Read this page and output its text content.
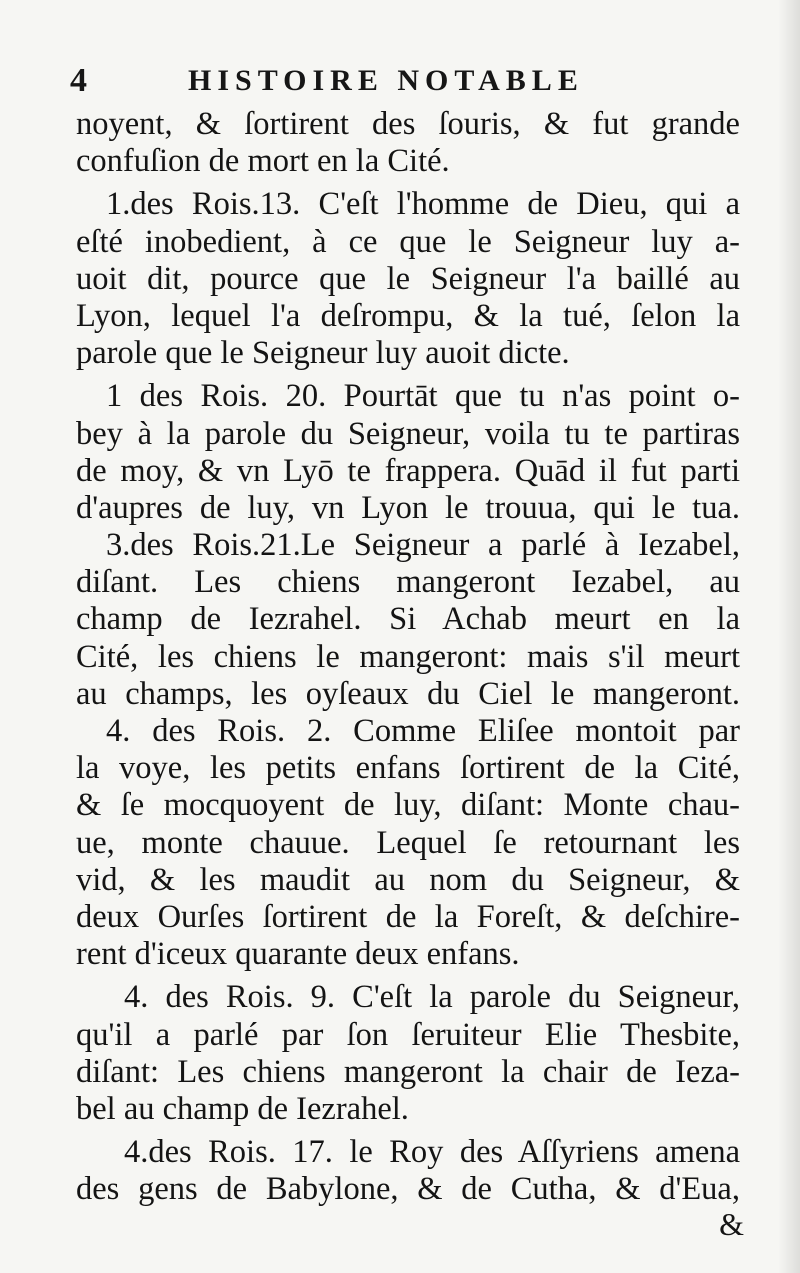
4	HISTOIRE NOTABLE
noyent, & ſortirent des ſouris, & fut grande
confuſion de mort en la Cité.
1.des Rois.13. C'eſt l'homme de Dieu, qui a
eſté inobedient, à ce que le Seigneur luy a-
uoit dit, pource que le Seigneur l'a baillé au
Lyon, lequel l'a deſrompu, & la tué, ſelon la
parole que le Seigneur luy auoit dicte.
1 des Rois. 20. Pourtāt que tu n'as point o-
bey à la parole du Seigneur, voila tu te partiras
de moy, & vn Lyō te frappera. Quād il fut parti
d'aupres de luy, vn Lyon le trouua, qui le tua.
3.des Rois.21.Le Seigneur a parlé à Iezabel,
diſant. Les chiens mangeront Iezabel, au
champ de Iezrahel. Si Achab meurt en la
Cité, les chiens le mangeront: mais s'il meurt
au champs, les oyſeaux du Ciel le mangeront.
4. des Rois. 2. Comme Eliſee montoit par
la voye, les petits enfans ſortirent de la Cité,
& ſe mocquoyent de luy, diſant: Monte chau-
ue, monte chauue. Lequel ſe retournant les
vid, & les maudit au nom du Seigneur, &
deux Ourſes ſortirent de la Foreſt, & deſchire-
rent d'iceux quarante deux enfans.
4. des Rois. 9. C'eſt la parole du Seigneur,
qu'il a parlé par ſon ſeruiteur Elie Thesbite,
diſant: Les chiens mangeront la chair de Ieza-
bel au champ de Iezrahel.
4.des Rois. 17. le Roy des Aſſyriens amena
des gens de Babylone, & de Cutha, & d'Eua,
&
